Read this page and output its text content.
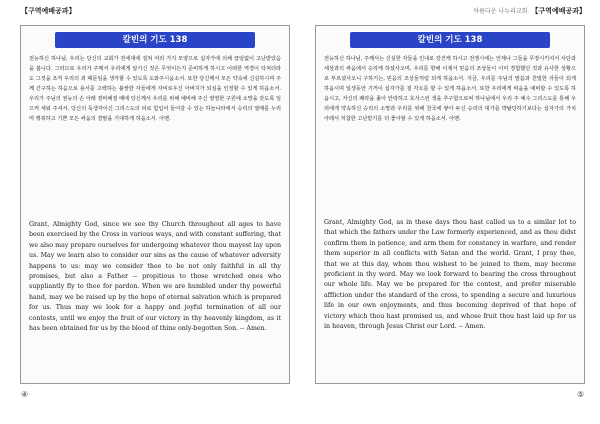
【구역예배공과】
칼빈의 기도 138

전능하신 하나님, 우리는 당신의 교회가 전세대에 걸쳐 여러 가지 모양으로 십자가에 의해 끊임없이 고난받았음을 봅니다. 그러므로 우리가 주께서 우리에게 알기신 것은 무엇이든지 준비하게 하시고 어떠한 역경이 닥쳐더라도 그것을 조직 우리의 죄 때문임을 생각할 수 있도록 도와주시옵소서. 또한 당신께서 모든 약속에 신실하시며 주께 간구하는 하음으로 용서를 고백하는 불쌍한 자들에게 자비로우신 아버지가 되심을 인정할 수 있게 하옵소서. 우리가 주님의 권능의 손 아래 겸비해질 때에 당신께서 우리를 위해 예비해 주신 영영한 구원에 소망을 갖도록 일으켜 세워 주셔서, 당신의 독생자이신 그리스도의 피로 힘입어 들어갈 수 있는 하늘나라에서 승리의 열매를 누리며 행복하고 기쁜 모든 싸움의 결말을 기대하게 하옵소서. 아멘.

Grant, Almighty God, since we see thy Church throughout all ages to have been exercised by the Cross in various ways, and with constant suffering, that we also may prepare ourselves for undergoing whatever thou mayest lay upon us. May we learn also to consider our sins as the cause of whatever adversity happens to us: may we consider thee to be not only faithful in all thy promises, but also a Father -- propitious to those wretched ones who suppliantly fly to thee for pardon. When we are humbled under thy powerful hand, may we be raised up by the hope of eternal salvation which is prepared for us. Thus may we look for a happy and joyful termination of all our contests, until we enjoy the fruit of our victory in thy heavenly kingdom, as it has been obtained for us by the blood of thine only-begotten Son. -- Amen.

④
아름다운 나누리교회 【구역예배공과】
칼빈의 기도 138

전능하신 하나님, 주께서는 신실한 자들을 인내로 강건케 하시고 전쟁시에는 언제나 그들을 무장시키셔서 사단과 세상과의 싸움에서 승리케 하셨사오며, 우리를 향해 이제서 믿음의 조상들이 이미 경험했던 것과 유사한 상황으로 부르셨사오니 구하기는, 믿음의 조상들처럼 되게 하옵소서. 지금, 우리를 주님의 말씀과 친밀한 자들이 되게 하옵시며 일생동안 기꺼이 십자가를 질 각오를 할 수 있게 하옵소서. 또한 우리에게 싸움을 예비할 수 있도록 하옵시고, 자신의 쾌락을 좇아 안락하고 호사스런 생을 추구함으로써 하나님에서 우리 주 예수 그리스도를 통해 우리에게 약속하신 승리의 소망과 우리를 위해 천국에 쌓아 두신 승리의 대가를 박탈당하기보다는 십자가의 가치 아래서 처참한 고난받기를 더 좋아할 수 있게 하옵소서. 아멘.

Grant, Almighty God, as in these days thou hast called us to a similar lot to that which the fathers under the Law formerly experienced, and as thou didst confirm them in patience, and arm them for constancy in warfare, and render them superior in all conflicts with Satan and the world. Grant, I pray thee, that we at this day, whom thou wishest to be joined to them, may become proficient in thy word. May we look forward to bearing the cross throughout our whole life. May we be prepared for the contest, and prefer miserable affliction under the standard of the cross, to spending a secure and luxurious life in our own enjoyments, and thus becoming deprived of that hope of victory which thou hast promised us, and whose fruit thou hast laid up for us in heaven, through Jesus Christ our Lord. -- Amen.

⑤
